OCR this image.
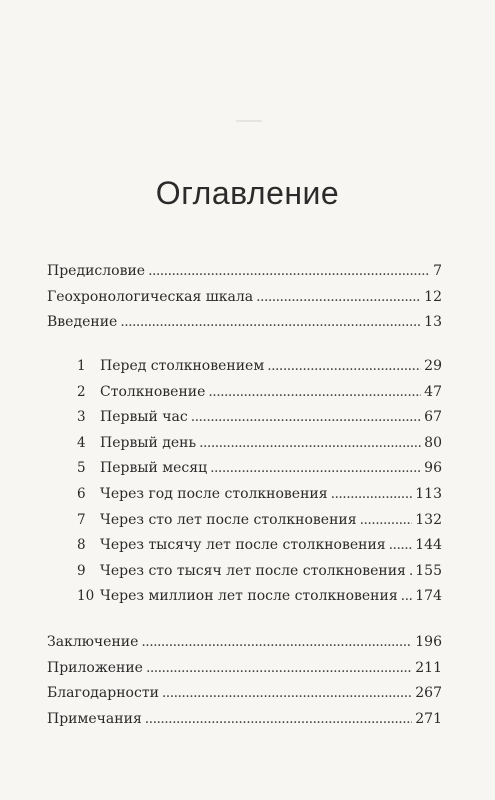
Оглавление
Предисловие . . .	7
Геохронологическая шкала . . .	12
Введение . . .	13
1	Перед столкновением . . .	29
2	Столкновение . . .	47
3	Первый час . . .	67
4	Первый день . . .	80
5	Первый месяц . . .	96
6	Через год после столкновения . . .	113
7	Через сто лет после столкновения . . .	132
8	Через тысячу лет после столкновения . . . 144
9	Через сто тысяч лет после столкновения . . . 155
10 Через миллион лет после столкновения . . . 174
Заключение . . .	196
Приложение . . .	211
Благодарности . . .	267
Примечания . . .	271
